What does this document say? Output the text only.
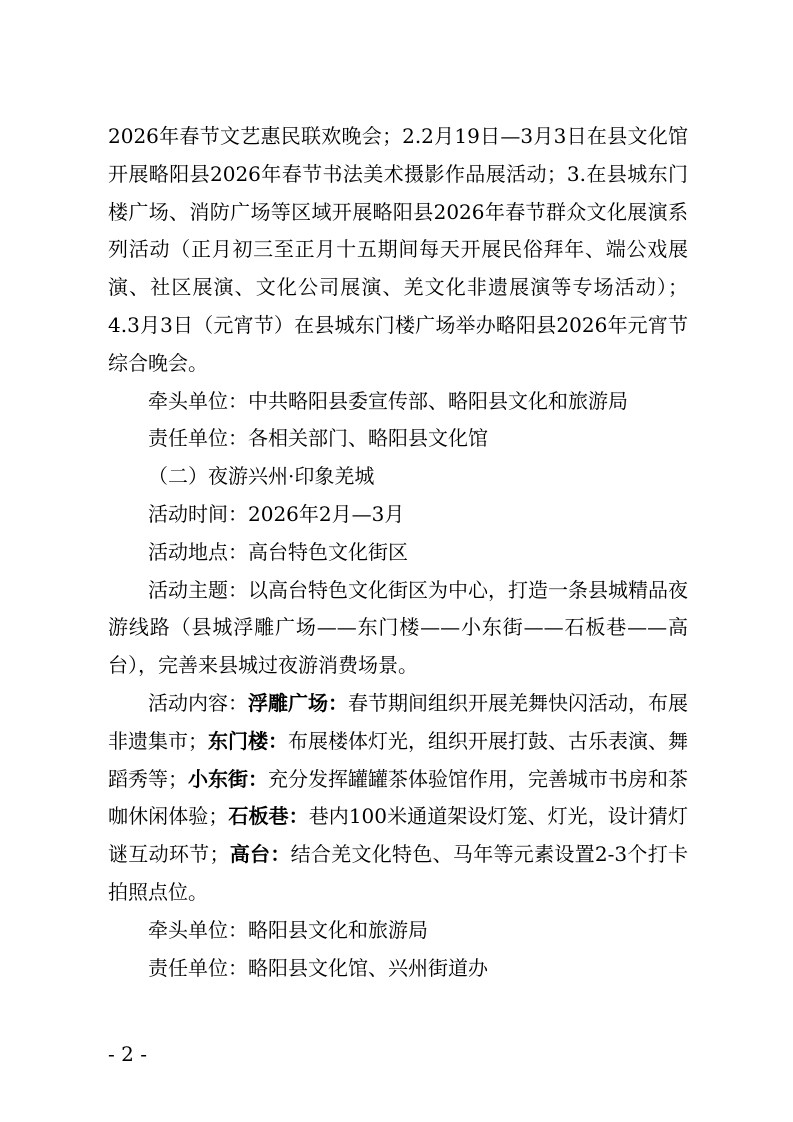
2026年春节文艺惠民联欢晚会；2.2月19日—3月3日在县文化馆开展略阳县2026年春节书法美术摄影作品展活动；3.在县城东门楼广场、消防广场等区域开展略阳县2026年春节群众文化展演系列活动（正月初三至正月十五期间每天开展民俗拜年、端公戏展演、社区展演、文化公司展演、羌文化非遗展演等专场活动）；4.3月3日（元宵节）在县城东门楼广场举办略阳县2026年元宵节综合晚会。

牵头单位：中共略阳县委宣传部、略阳县文化和旅游局

责任单位：各相关部门、略阳县文化馆

（二）夜游兴州·印象羌城

活动时间：2026年2月—3月

活动地点：高台特色文化街区

活动主题：以高台特色文化街区为中心，打造一条县城精品夜游线路（县城浮雕广场——东门楼——小东街——石板巷——高台），完善来县城过夜游消费场景。

活动内容：浮雕广场：春节期间组织开展羌舞快闪活动，布展非遗集市；东门楼：布展楼体灯光，组织开展打鼓、古乐表演、舞蹈秀等；小东街：充分发挥罐罐茶体验馆作用，完善城市书房和茶咖休闲体验；石板巷：巷内100米通道架设灯笼、灯光，设计猜灯谜互动环节；高台：结合羌文化特色、马年等元素设置2-3个打卡拍照点位。

牵头单位：略阳县文化和旅游局

责任单位：略阳县文化馆、兴州街道办

- 2 -
